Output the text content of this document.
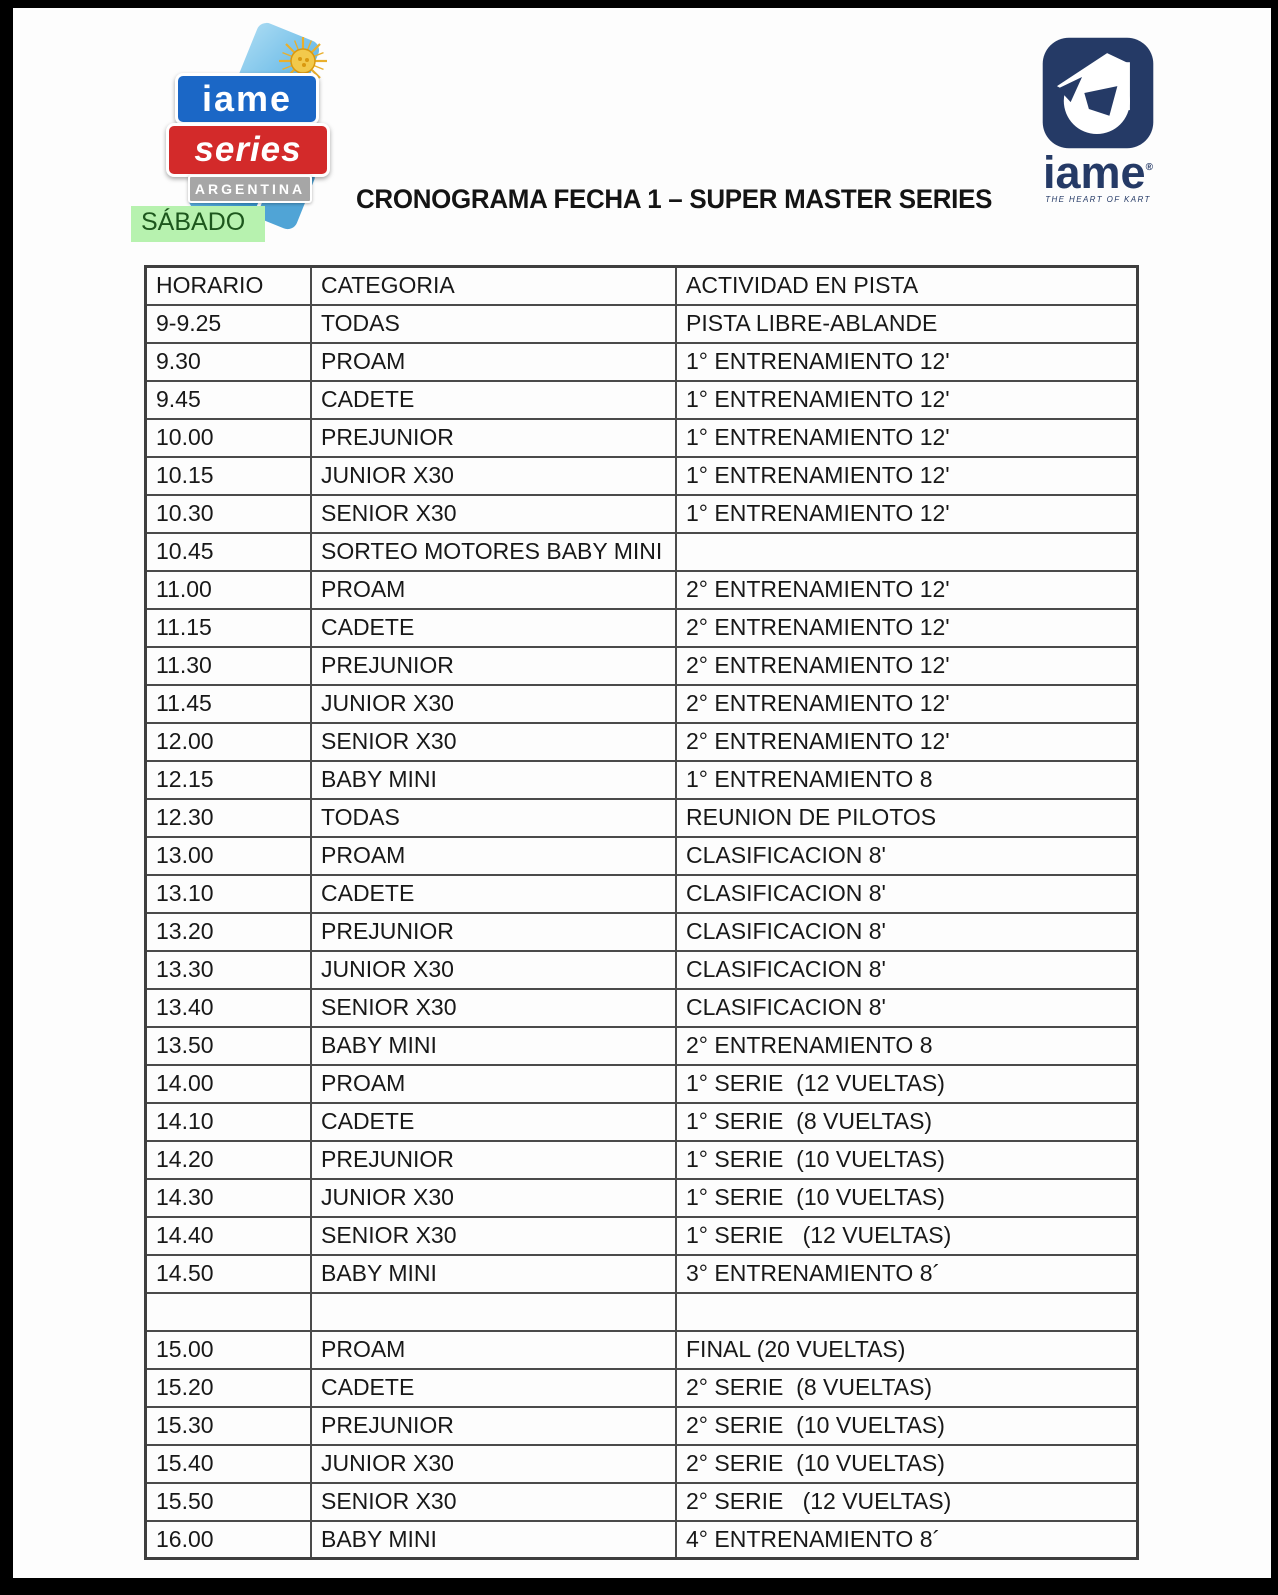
iame
series
ARGENTINA CRONOGRAMA FECHA 1 – SUPER MASTER SERIES
SÁBADO
iame®
THE HEART OF KART
HORARIO	CATEGORIA	ACTIVIDAD EN PISTA
9-9.25	TODAS	PISTA LIBRE-ABLANDE
9.30	PROAM	1° ENTRENAMIENTO 12'
9.45	CADETE	1° ENTRENAMIENTO 12'
10.00	PREJUNIOR	1° ENTRENAMIENTO 12'
10.15	JUNIOR X30	1° ENTRENAMIENTO 12'
10.30	SENIOR X30	1° ENTRENAMIENTO 12'
10.45	SORTEO MOTORES BABY MINI	
11.00	PROAM	2° ENTRENAMIENTO 12'
11.15	CADETE	2° ENTRENAMIENTO 12'
11.30	PREJUNIOR	2° ENTRENAMIENTO 12'
11.45	JUNIOR X30	2° ENTRENAMIENTO 12'
12.00	SENIOR X30	2° ENTRENAMIENTO 12'
12.15	BABY MINI	1° ENTRENAMIENTO 8
12.30	TODAS	REUNION DE PILOTOS
13.00	PROAM	CLASIFICACION 8'
13.10	CADETE	CLASIFICACION 8'
13.20	PREJUNIOR	CLASIFICACION 8'
13.30	JUNIOR X30	CLASIFICACION 8'
13.40	SENIOR X30	CLASIFICACION 8'
13.50	BABY MINI	2° ENTRENAMIENTO 8
14.00	PROAM	1° SERIE  (12 VUELTAS)
14.10	CADETE	1° SERIE  (8 VUELTAS)
14.20	PREJUNIOR	1° SERIE  (10 VUELTAS)
14.30	JUNIOR X30	1° SERIE  (10 VUELTAS)
14.40	SENIOR X30	1° SERIE   (12 VUELTAS)
14.50	BABY MINI	3° ENTRENAMIENTO 8´

15.00	PROAM	FINAL (20 VUELTAS)
15.20	CADETE	2° SERIE  (8 VUELTAS)
15.30	PREJUNIOR	2° SERIE  (10 VUELTAS)
15.40	JUNIOR X30	2° SERIE  (10 VUELTAS)
15.50	SENIOR X30	2° SERIE   (12 VUELTAS)
16.00	BABY MINI	4° ENTRENAMIENTO 8´
